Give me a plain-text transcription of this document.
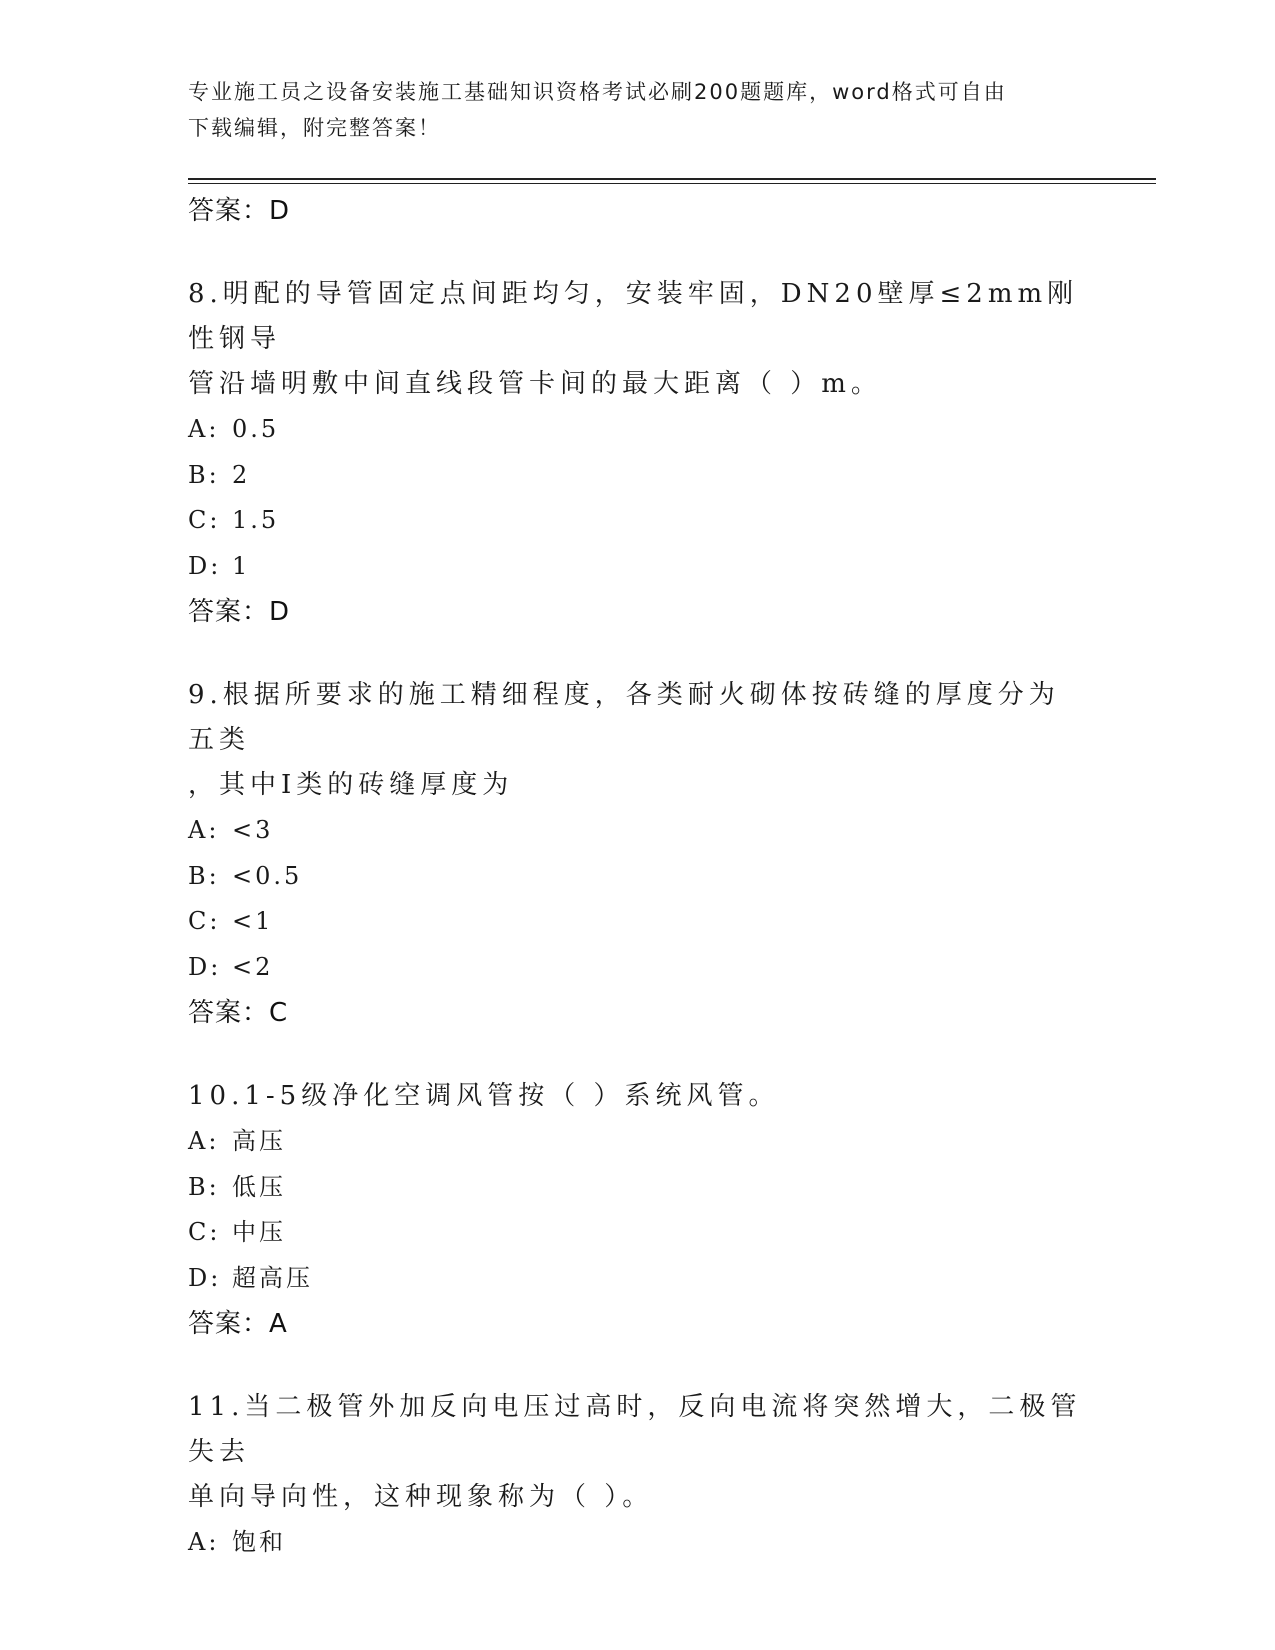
专业施工员之设备安装施工基础知识资格考试必刷200题题库，word格式可自由
下载编辑，附完整答案！
答案：D
8.明配的导管固定点间距均匀，安装牢固，DN20壁厚≤2mm刚性钢导
管沿墙明敷中间直线段管卡间的最大距离（ ）m。
A: 0.5
B: 2
C: 1.5
D: 1
答案：D
9.根据所要求的施工精细程度，各类耐火砌体按砖缝的厚度分为五类
，其中Ⅰ类的砖缝厚度为
A: <3
B: <0.5
C: <1
D: <2
答案：C
10.1-5级净化空调风管按（ ）系统风管。
A: 高压
B: 低压
C: 中压
D: 超高压
答案：A
11.当二极管外加反向电压过高时，反向电流将突然增大，二极管失去
单向导向性，这种现象称为（ ）。
A: 饱和
